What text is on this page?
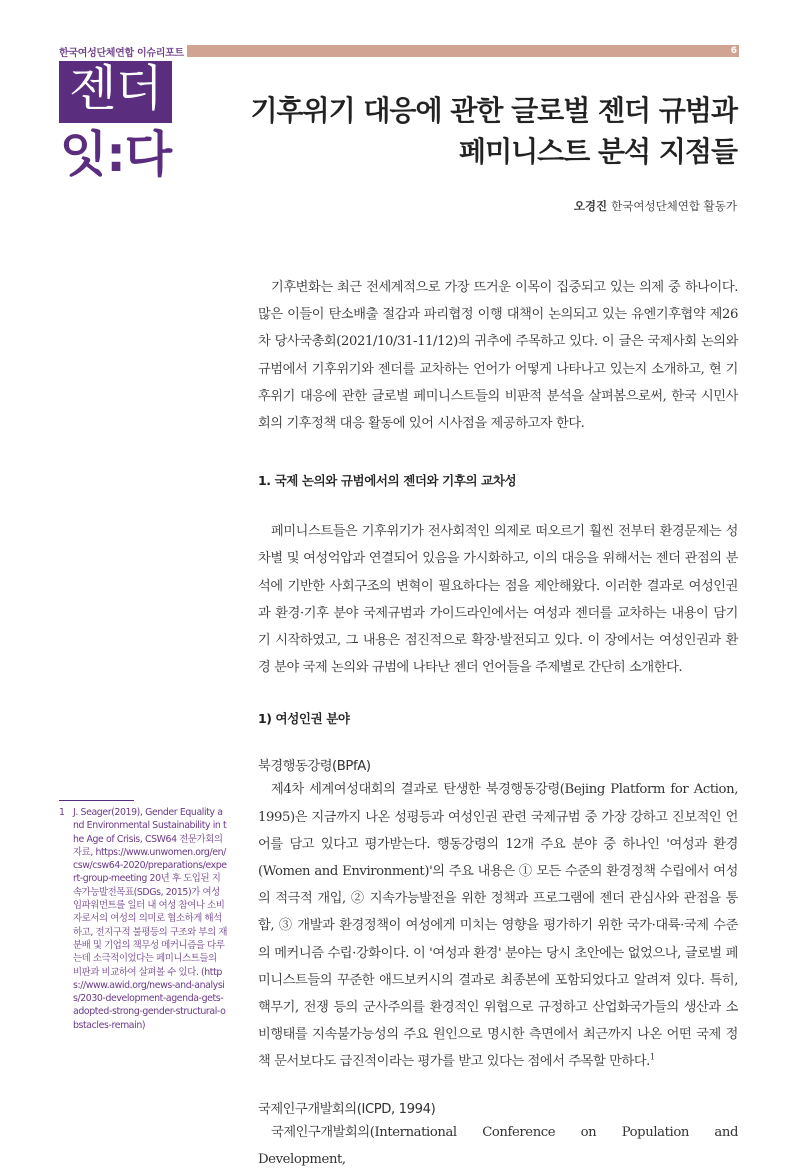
한국여성단체연합 이슈리포트	6
젠더
잇:다
기후위기 대응에 관한 글로벌 젠더 규범과
페미니스트 분석 지점들
오경진 한국여성단체연합 활동가

기후변화는 최근 전세계적으로 가장 뜨거운 이목이 집중되고 있는 의제 중 하나이다. 많은 이들이 탄소배출 절감과 파리협정 이행 대책이 논의되고 있는 유엔기후협약 제26차 당사국총회(2021/10/31-11/12)의 귀추에 주목하고 있다. 이 글은 국제사회 논의와 규범에서 기후위기와 젠더를 교차하는 언어가 어떻게 나타나고 있는지 소개하고, 현 기후위기 대응에 관한 글로벌 페미니스트들의 비판적 분석을 살펴봄으로써, 한국 시민사회의 기후정책 대응 활동에 있어 시사점을 제공하고자 한다.

1. 국제 논의와 규범에서의 젠더와 기후의 교차성

페미니스트들은 기후위기가 전사회적인 의제로 떠오르기 훨씬 전부터 환경문제는 성차별 및 여성억압과 연결되어 있음을 가시화하고, 이의 대응을 위해서는 젠더 관점의 분석에 기반한 사회구조의 변혁이 필요하다는 점을 제안해왔다. 이러한 결과로 여성인권과 환경·기후 분야 국제규범과 가이드라인에서는 여성과 젠더를 교차하는 내용이 담기기 시작하였고, 그 내용은 점진적으로 확장·발전되고 있다. 이 장에서는 여성인권과 환경 분야 국제 논의와 규범에 나타난 젠더 언어들을 주제별로 간단히 소개한다.

1) 여성인권 분야

북경행동강령(BPfA)

제4차 세계여성대회의 결과로 탄생한 북경행동강령(Bejing Platform for Action, 1995)은 지금까지 나온 성평등과 여성인권 관련 국제규범 중 가장 강하고 진보적인 언어를 담고 있다고 평가받는다. 행동강령의 12개 주요 분야 중 하나인 '여성과 환경(Women and Environment)'의 주요 내용은 ① 모든 수준의 환경정책 수립에서 여성의 적극적 개입, ② 지속가능발전을 위한 정책과 프로그램에 젠더 관심사와 관점을 통합, ③ 개발과 환경정책이 여성에게 미치는 영향을 평가하기 위한 국가·대륙·국제 수준의 메커니즘 수립·강화이다. 이 '여성과 환경' 분야는 당시 초안에는 없었으나, 글로벌 페미니스트들의 꾸준한 애드보커시의 결과로 최종본에 포함되었다고 알려져 있다. 특히, 핵무기, 전쟁 등의 군사주의를 환경적인 위협으로 규정하고 산업화국가들의 생산과 소비행태를 지속불가능성의 주요 원인으로 명시한 측면에서 최근까지 나온 어떤 국제 정책 문서보다도 급진적이라는 평가를 받고 있다는 점에서 주목할 만하다.$^1$

국제인구개발회의(ICPD, 1994)

국제인구개발회의(International Conference on Population and Development,

1 J. Seager(2019), Gender Equality and Environmental Sustainability in the Age of Crisis, CSW64 전문가회의 자료, https://www.unwomen.org/en/csw/csw64-2020/preparations/expert-group-meeting 20년 후 도입된 지속가능발전목표(SDGs, 2015)가 여성 임파워먼트를 일터 내 여성 참여나 소비자로서의 여성의 의미로 협소하게 해석하고, 전지구적 불평등의 구조와 부의 재분배 및 기업의 책무성 메커니즘을 다루는데 소극적이었다는 페미니스트들의 비판과 비교하여 살펴볼 수 있다. (https://www.awid.org/news-and-analysis/2030-development-agenda-gets-adopted-strong-gender-structural-obstacles-remain)
